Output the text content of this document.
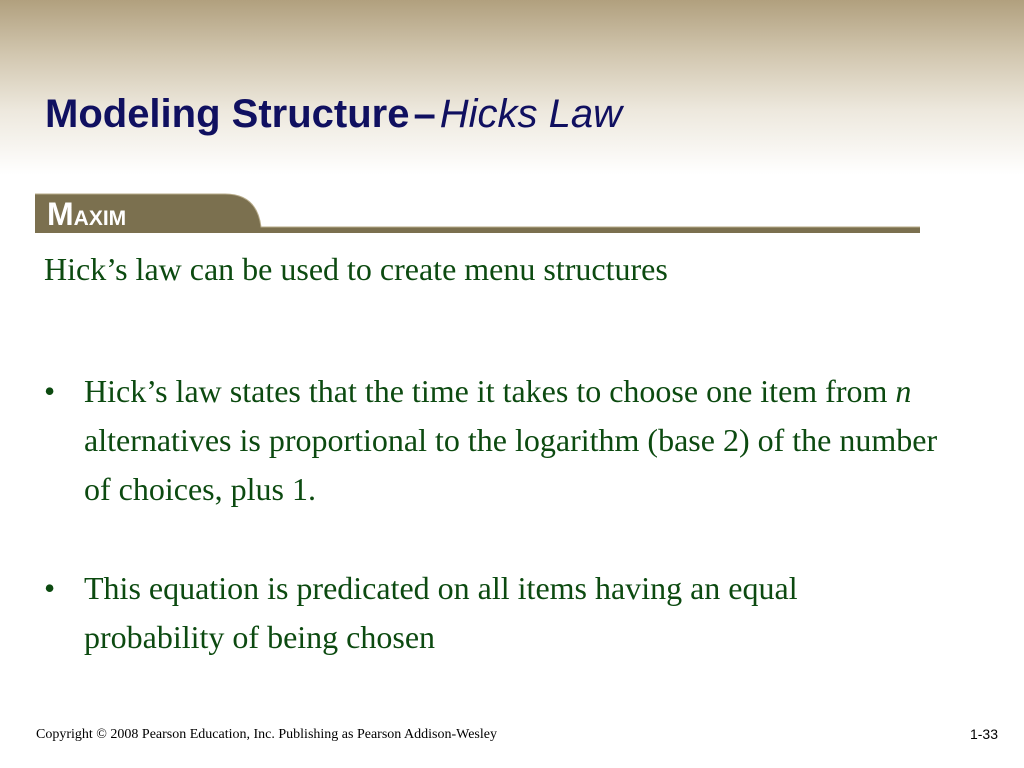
Modeling Structure – Hicks Law
MAXIM

Hick’s law can be used to create menu structures

• Hick’s law states that the time it takes to choose one item from n alternatives is proportional to the logarithm (base 2) of the number of choices, plus 1.
• This equation is predicated on all items having an equal probability of being chosen

Copyright © 2008 Pearson Education, Inc. Publishing as Pearson Addison-Wesley	1-33
